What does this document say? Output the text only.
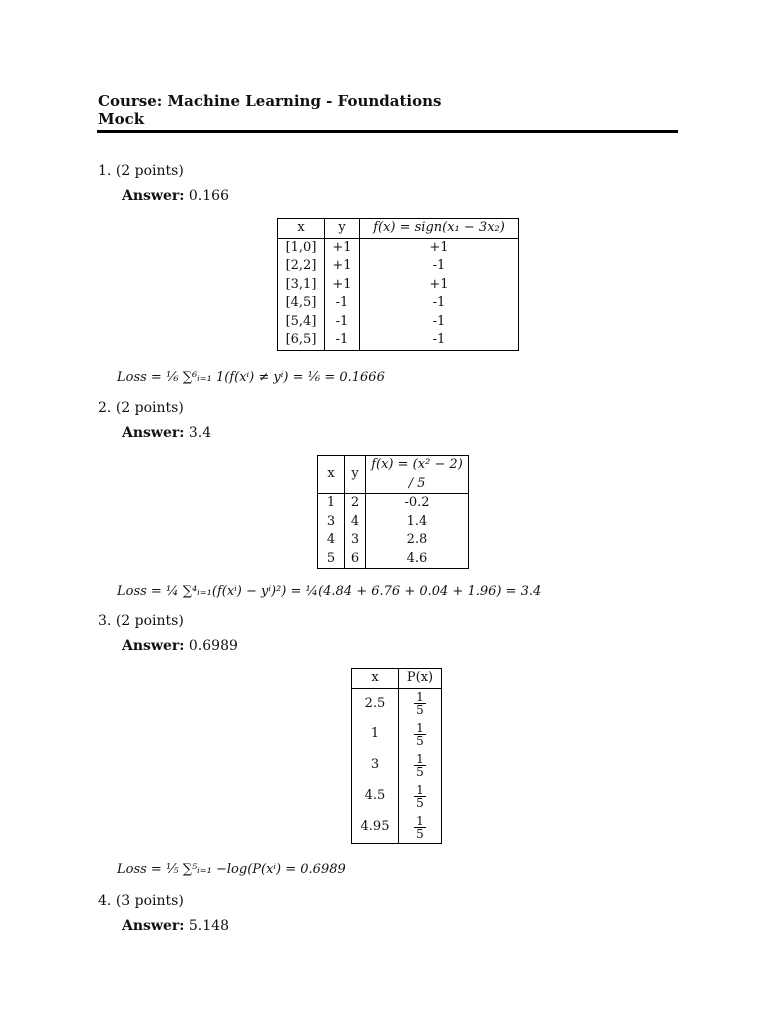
Course: Machine Learning - Foundations
Mock
1. (2 points)
Answer: 0.166
x	y	f(x) = sign(x₁ − 3x₂)
[1,0]	+1	+1
[2,2]	+1	-1
[3,1]	+1	+1
[4,5]	-1	-1
[5,4]	-1	-1
[6,5]	-1	-1
Loss = ⅙ ∑⁶ᵢ₌₁ 1(f(xⁱ) ≠ yⁱ) = ⅙ = 0.1666
2. (2 points)
Answer: 3.4
x	y	f(x) = (x² − 2) / 5
1	2	-0.2
3	4	1.4
4	3	2.8
5	6	4.6
Loss = ¼ ∑⁴ᵢ₌₁(f(xⁱ) − yⁱ)²) = ¼(4.84 + 6.76 + 0.04 + 1.96) = 3.4
3. (2 points)
Answer: 0.6989
x	P(x)
2.5	$\frac{1}{5}$

1	$\frac{1}{5}$

3	$\frac{1}{5}$

4.5	$\frac{1}{5}$

4.95	$\frac{1}{5}$
Loss = ⅕ ∑⁵ᵢ₌₁ −log(P(xⁱ) = 0.6989
4. (3 points)
Answer: 5.148
